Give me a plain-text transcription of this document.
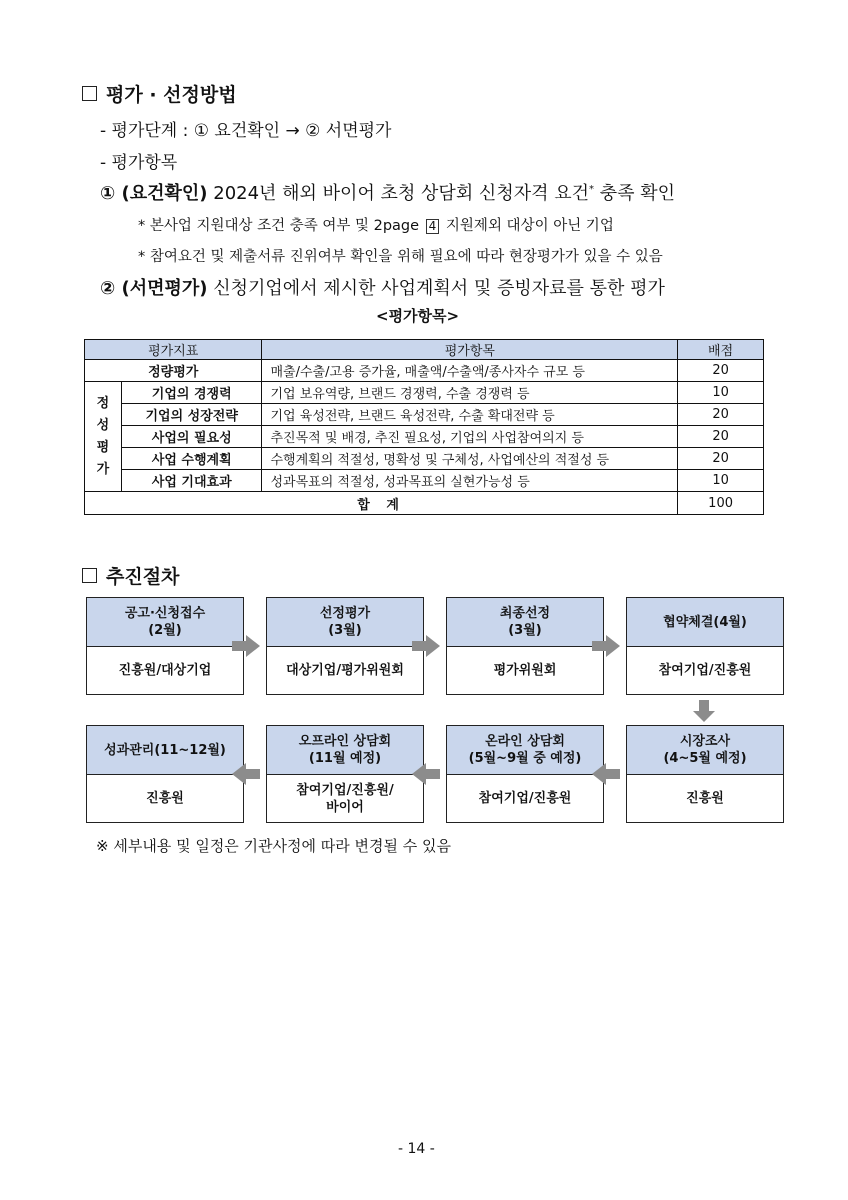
평가 · 선정방법
- 평가단계 : ① 요건확인 → ② 서면평가
- 평가항목
① (요건확인) 2024년 해외 바이어 초청 상담회 신청자격 요건* 충족 확인
* 본사업 지원대상 조건 충족 여부 및 2page 4 지원제외 대상이 아닌 기업
* 참여요건 및 제출서류 진위여부 확인을 위해 필요에 따라 현장평가가 있을 수 있음
② (서면평가) 신청기업에서 제시한 사업계획서 및 증빙자료를 통한 평가
<평가항목>
평가지표		평가항목	배점
정량평가		매출/수출/고용 증가율, 매출액/수출액/종사자수 규모 등	20
정
성
평
가	기업의 경쟁력	기업 보유역량, 브랜드 경쟁력, 수출 경쟁력 등	10
	기업의 성장전략	기업 육성전략, 브랜드 육성전략, 수출 확대전략 등	20
	사업의 필요성	추진목적 및 배경, 추진 필요성, 기업의 사업참여의지 등	20
	사업 수행계획	수행계획의 적절성, 명확성 및 구체성, 사업예산의 적절성 등	20
	사업 기대효과	성과목표의 적절성, 성과목표의 실현가능성 등	10
합 계			100
추진절차
공고·신청접수
(2월)
진흥원/대상기업
선정평가
(3월)
대상기업/평가위원회
최종선정
(3월)
평가위원회
협약체결(4월)
참여기업/진흥원
시장조사
(4~5월 예정)
진흥원
온라인 상담회
(5월~9월 중 예정)
참여기업/진흥원
오프라인 상담회
(11월 예정)
참여기업/진흥원/
바이어
성과관리(11~12월)
진흥원
※ 세부내용 및 일정은 기관사정에 따라 변경될 수 있음
- 14 -
